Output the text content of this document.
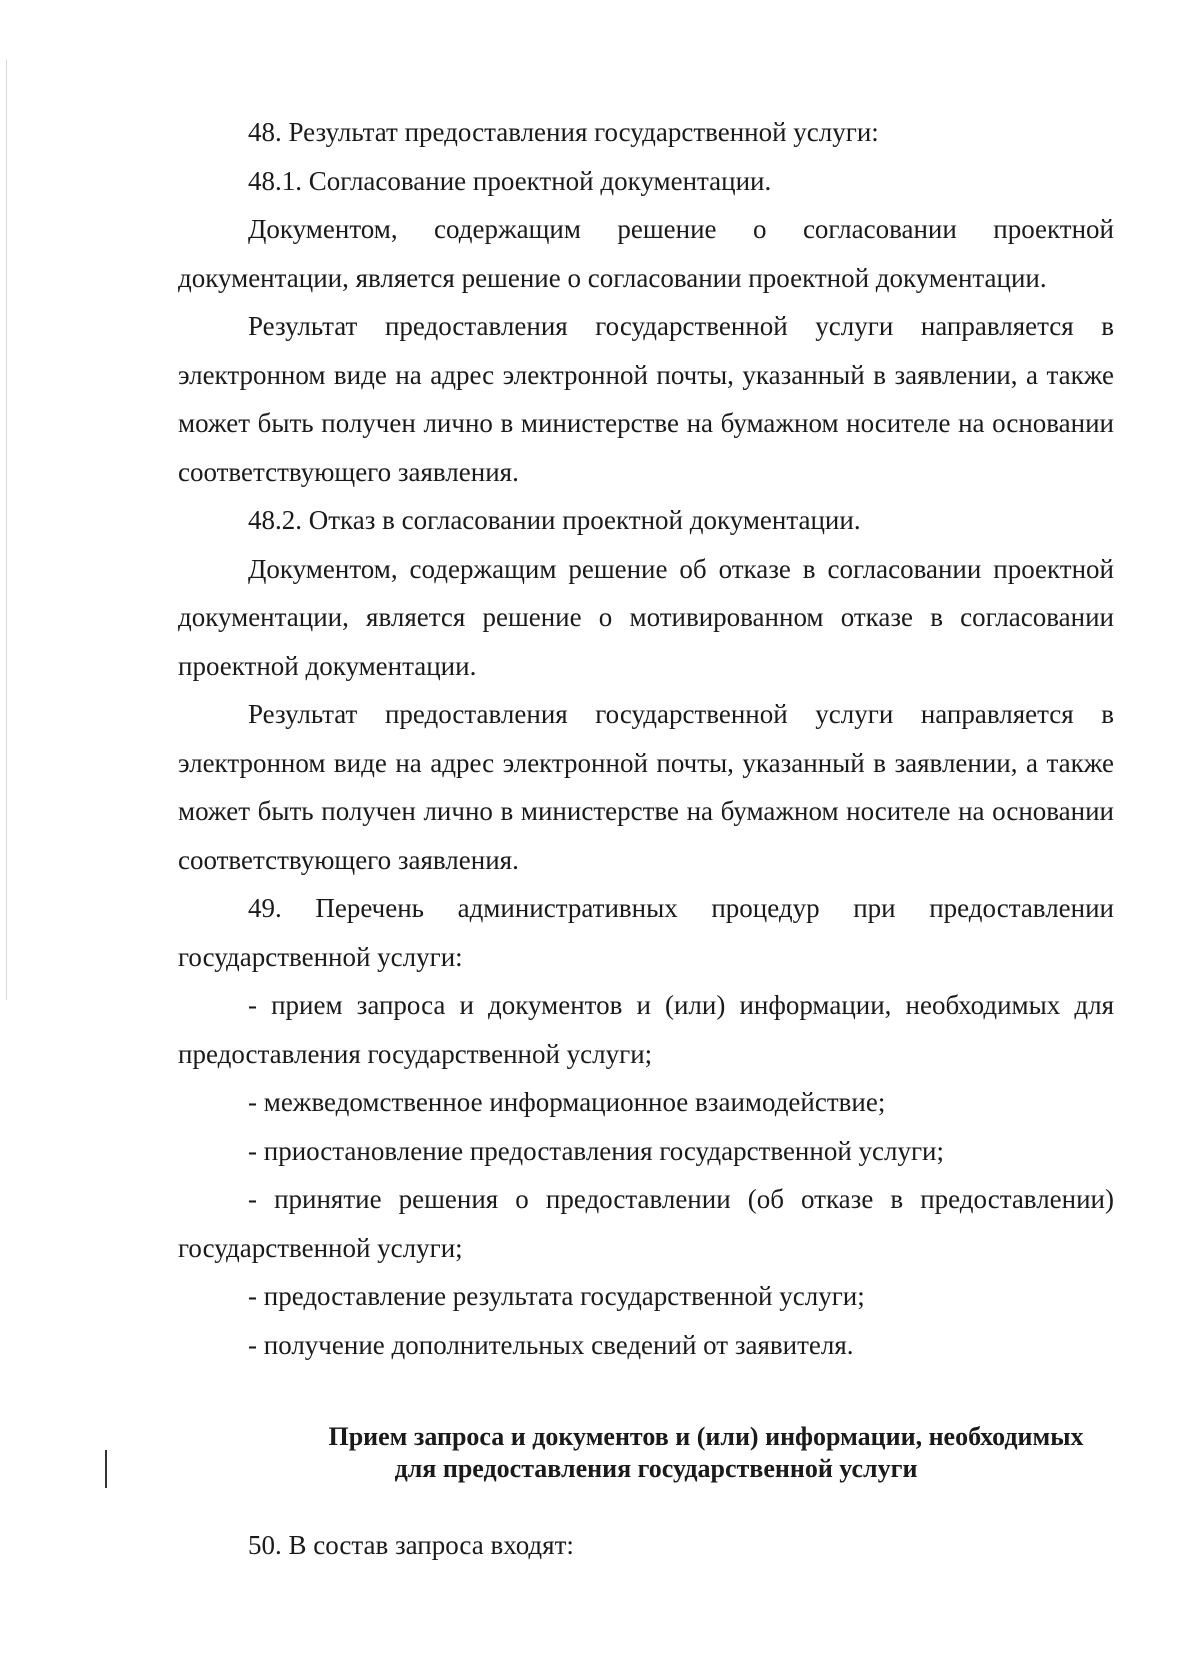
48. Результат предоставления государственной услуги:

48.1. Согласование проектной документации.

Документом, содержащим решение о согласовании проектной документации, является решение о согласовании проектной документации.

Результат предоставления государственной услуги направляется в электронном виде на адрес электронной почты, указанный в заявлении, а также может быть получен лично в министерстве на бумажном носителе на основании соответствующего заявления.

48.2. Отказ в согласовании проектной документации.

Документом, содержащим решение об отказе в согласовании проектной документации, является решение о мотивированном отказе в согласовании проектной документации.

Результат предоставления государственной услуги направляется в электронном виде на адрес электронной почты, указанный в заявлении, а также может быть получен лично в министерстве на бумажном носителе на основании соответствующего заявления.

49. Перечень административных процедур при предоставлении государственной услуги:

- прием запроса и документов и (или) информации, необходимых для предоставления государственной услуги;

- межведомственное информационное взаимодействие;

- приостановление предоставления государственной услуги;

- принятие решения о предоставлении (об отказе в предоставлении) государственной услуги;

- предоставление результата государственной услуги;

- получение дополнительных сведений от заявителя.

Прием запроса и документов и (или) информации, необходимых
для предоставления государственной услуги

50. В состав запроса входят:
